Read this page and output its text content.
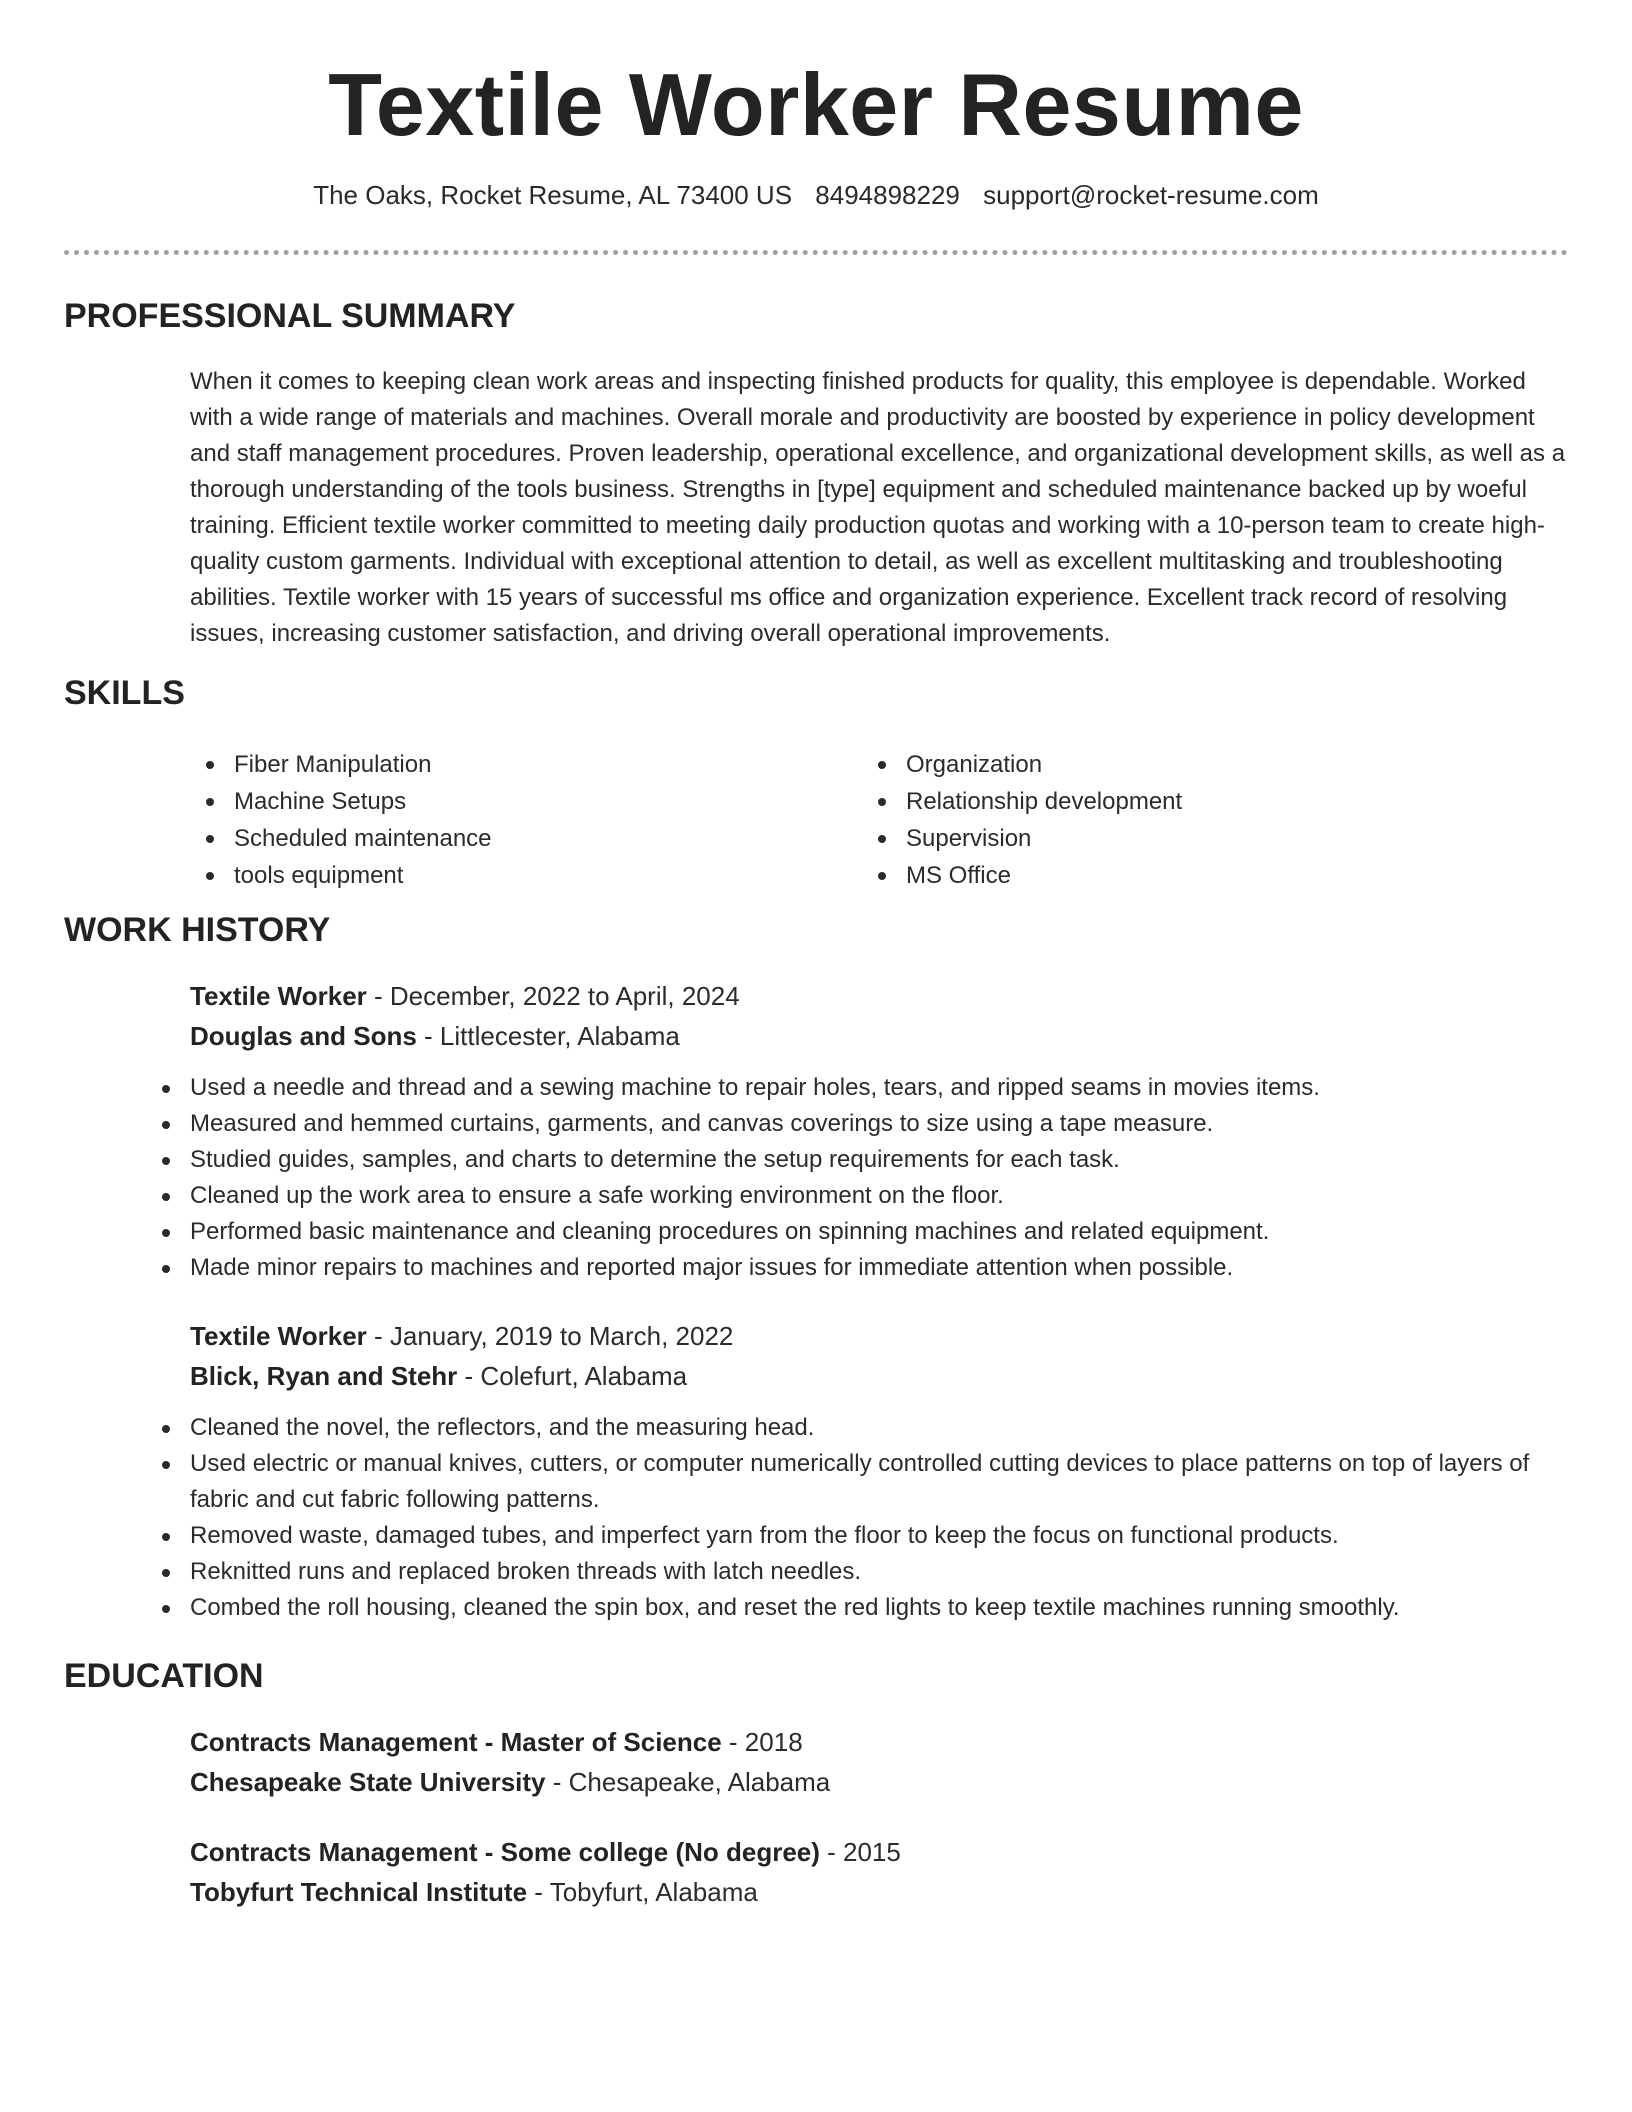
Textile Worker Resume
The Oaks, Rocket Resume, AL 73400 US 8494898229 support@rocket-resume.com
PROFESSIONAL SUMMARY

When it comes to keeping clean work areas and inspecting finished products for quality, this employee is dependable. Worked with a wide range of materials and machines. Overall morale and productivity are boosted by experience in policy development and staff management procedures. Proven leadership, operational excellence, and organizational development skills, as well as a thorough understanding of the tools business. Strengths in [type] equipment and scheduled maintenance backed up by woeful training. Efficient textile worker committed to meeting daily production quotas and working with a 10-person team to create high-quality custom garments. Individual with exceptional attention to detail, as well as excellent multitasking and troubleshooting abilities. Textile worker with 15 years of successful ms office and organization experience. Excellent track record of resolving issues, increasing customer satisfaction, and driving overall operational improvements.

SKILLS
Fiber Manipulation
Machine Setups
Scheduled maintenance
tools equipment
Organization
Relationship development
Supervision
MS Office
WORK HISTORY
Textile Worker - December, 2022 to April, 2024
Douglas and Sons - Littlecester, Alabama
Used a needle and thread and a sewing machine to repair holes, tears, and ripped seams in movies items.
Measured and hemmed curtains, garments, and canvas coverings to size using a tape measure.
Studied guides, samples, and charts to determine the setup requirements for each task.
Cleaned up the work area to ensure a safe working environment on the floor.
Performed basic maintenance and cleaning procedures on spinning machines and related equipment.
Made minor repairs to machines and reported major issues for immediate attention when possible.
Textile Worker - January, 2019 to March, 2022
Blick, Ryan and Stehr - Colefurt, Alabama
Cleaned the novel, the reflectors, and the measuring head.
Used electric or manual knives, cutters, or computer numerically controlled cutting devices to place patterns on top of layers of fabric and cut fabric following patterns.
Removed waste, damaged tubes, and imperfect yarn from the floor to keep the focus on functional products.
Reknitted runs and replaced broken threads with latch needles.
Combed the roll housing, cleaned the spin box, and reset the red lights to keep textile machines running smoothly.
EDUCATION
Contracts Management - Master of Science - 2018
Chesapeake State University - Chesapeake, Alabama
Contracts Management - Some college (No degree) - 2015
Tobyfurt Technical Institute - Tobyfurt, Alabama
